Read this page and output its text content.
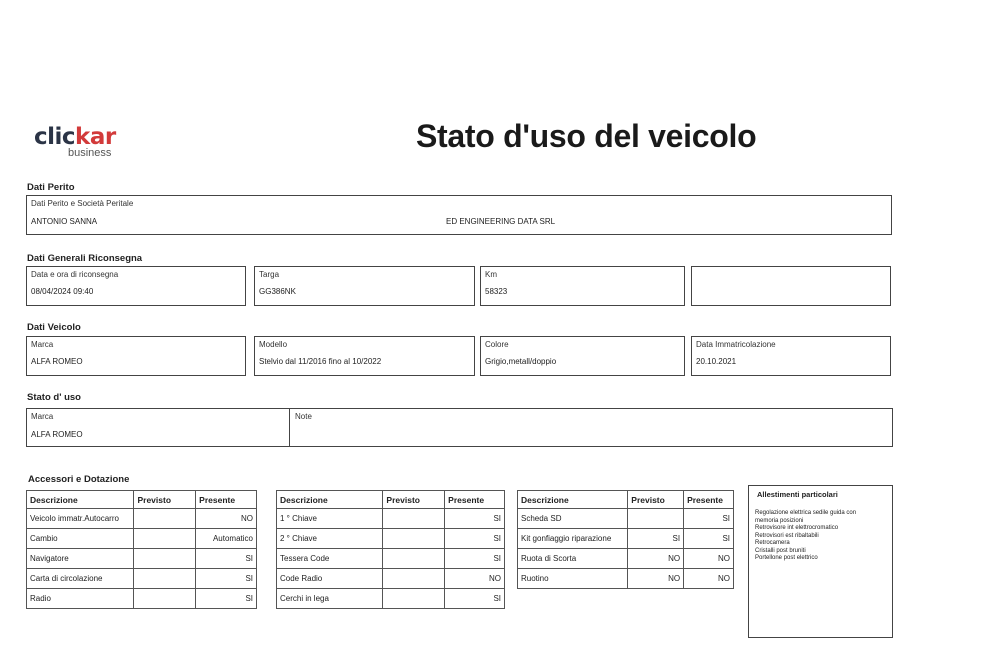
clickar
business	Stato d'uso del veicolo
Dati Perito
Dati Perito e Società Peritale
ANTONIO SANNA	ED ENGINEERING DATA SRL
Dati Generali Riconsegna
Data e ora di riconsegna
08/04/2024 09:40
Targa
GG386NK
Km
58323
Dati Veicolo
Marca
ALFA ROMEO
Modello
Stelvio dal 11/2016 fino al 10/2022
Colore
Grigio,metall/doppio
Data Immatricolazione
20.10.2021
Stato d' uso
Marca
ALFA ROMEO
Note
Accessori e Dotazione
Descrizione	Previsto	Presente
Veicolo immatr.Autocarro		NO
Cambio		Automatico
Navigatore		SI
Carta di circolazione		SI
Radio		SI
Descrizione	Previsto	Presente
1 ° Chiave		SI
2 ° Chiave		SI
Tessera Code		SI
Code Radio		NO
Cerchi in lega		SI
Descrizione	Previsto	Presente
Scheda SD		SI
Kit gonfiaggio riparazione	SI	SI
Ruota di Scorta	NO	NO
Ruotino	NO	NO
Allestimenti particolari
Regolazione elettrica sedile guida con
memoria posizioni
Retrovisore int elettrocromatico
Retrovisori est ribaltabili
Retrocamera
Cristalli post bruniti
Portellone post elettrico
